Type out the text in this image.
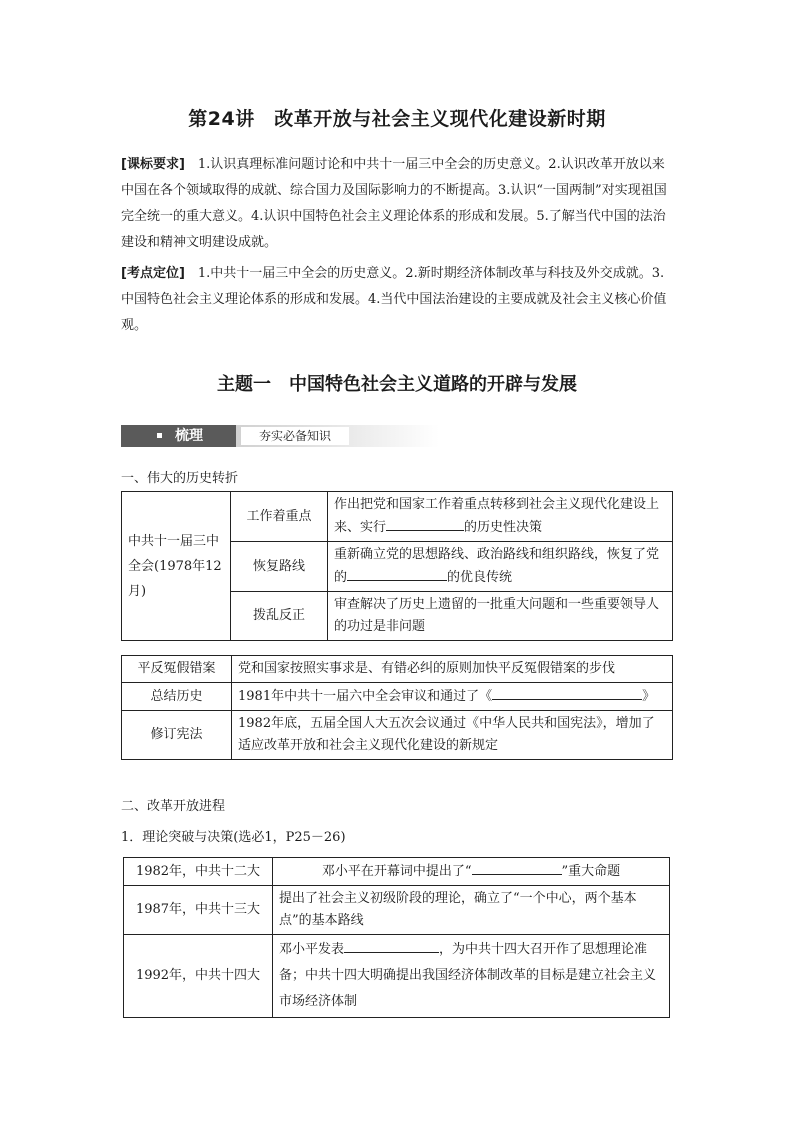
第24讲　改革开放与社会主义现代化建设新时期
[课标要求]　 1.认识真理标准问题讨论和中共十一届三中全会的历史意义。2.认识改革开放以来中国在各个领域取得的成就、综合国力及国际影响力的不断提高。3.认识“一国两制”对实现祖国完全统一的重大意义。4.认识中国特色社会主义理论体系的形成和发展。5.了解当代中国的法治建设和精神文明建设成就。
[考点定位]　 1.中共十一届三中全会的历史意义。2.新时期经济体制改革与科技及外交成就。3.中国特色社会主义理论体系的形成和发展。4.当代中国法治建设的主要成就及社会主义核心价值观。
主题一　中国特色社会主义道路的开辟与发展
梳理	夯实必备知识
一、伟大的历史转折
中共十一届三中全会(1978年12月)	工作着重点	作出把党和国家工作着重点转移到社会主义现代化建设上来、实行 的历史性决策
	恢复路线	重新确立党的思想路线、政治路线和组织路线，恢复了党的 的优良传统
	拨乱反正	审查解决了历史上遗留的一批重大问题和一些重要领导人的功过是非问题
平反冤假错案	党和国家按照实事求是、有错必纠的原则加快平反冤假错案的步伐
总结历史	1981年中共十一届六中全会审议和通过了《 》
修订宪法	1982年底，五届全国人大五次会议通过《中华人民共和国宪法》，增加了适应改革开放和社会主义现代化建设的新规定
二、改革开放进程
1．理论突破与决策(选必1，P25－26)
1982年，中共十二大	邓小平在开幕词中提出了“ ”重大命题
1987年，中共十三大	提出了社会主义初级阶段的理论，确立了“一个中心，两个基本点”的基本路线
1992年，中共十四大	邓小平发表 ，为中共十四大召开作了思想理论准备；中共十四大明确提出我国经济体制改革的目标是建立社会主义市场经济体制
